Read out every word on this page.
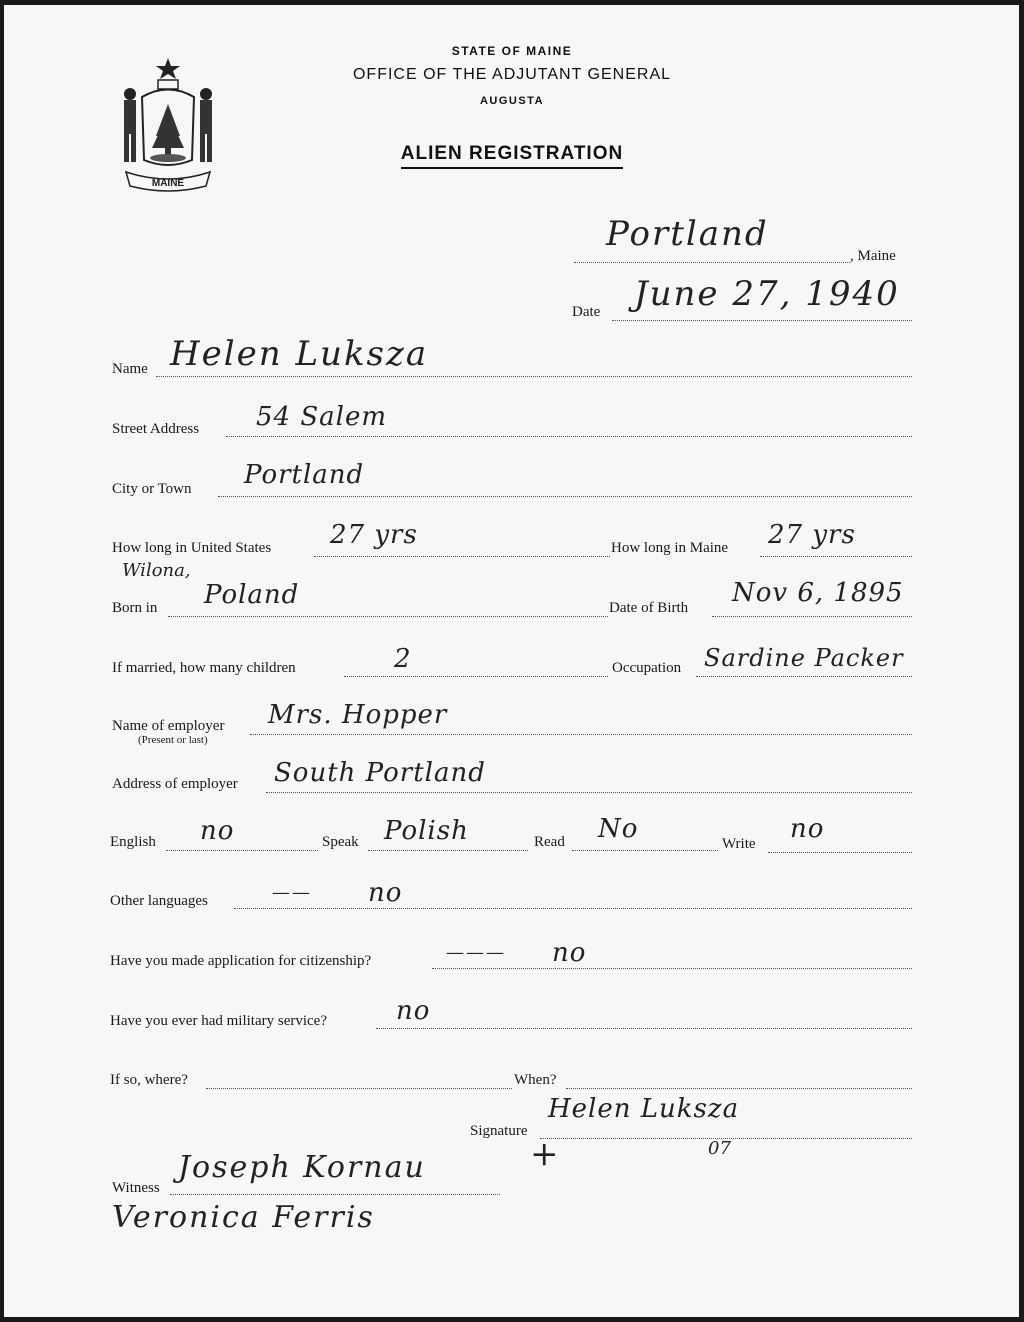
MAINE
STATE OF MAINE
OFFICE OF THE ADJUTANT GENERAL
AUGUSTA
ALIEN REGISTRATION
Portland
, Maine
Date June 27, 1940
Name Helen Lukszа
Street Address 54 Salem
City or Town Portland
How long in United States 27 yrs	How long in Maine 27 yrs
Wilona,
Born in Poland	Date of Birth Nov 6, 1895
If married, how many children	2	Occupation Sardine Packer
Name of employer
(Present or last)
Mrs. Hopper
Address of employer South Portland
English no	Speak Polish	Read No	Write no
Other languages	—— no
Have you made application for citizenship?	——— no
Have you ever had military service?	no
If so, where?	When?
Signature
Helen Lukszа
+	07
Witness
Joseph Kornau
Veronica Ferris
